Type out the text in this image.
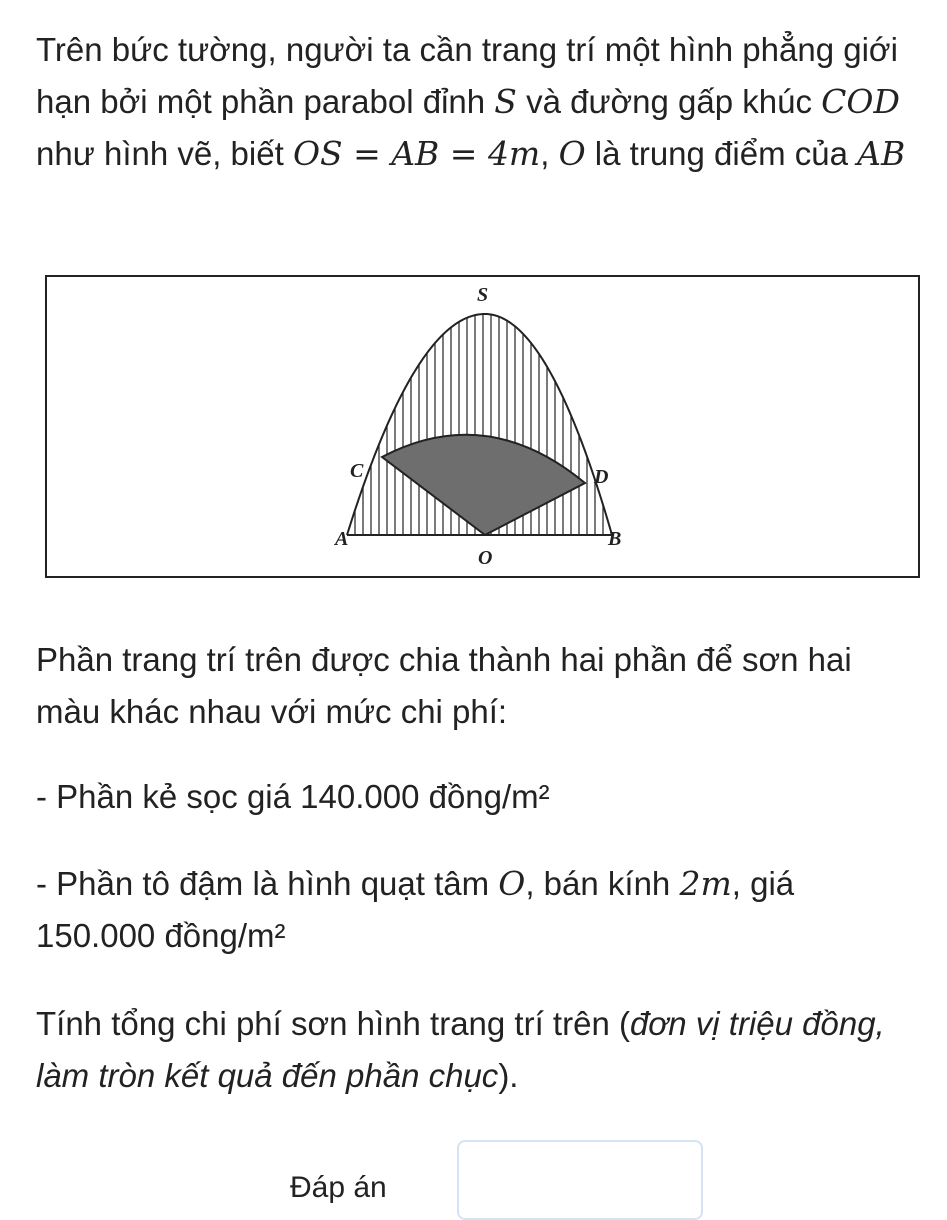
Trên bức tường, người ta cần trang trí một hình phẳng giới hạn bởi một phần parabol đỉnh S và đường gấp khúc COD như hình vẽ, biết OS = AB = 4m, O là trung điểm của AB

S
C	D
A
O
B

Phần trang trí trên được chia thành hai phần để sơn hai màu khác nhau với mức chi phí:

- Phần kẻ sọc giá 140.000 đồng/m²

- Phần tô đậm là hình quạt tâm O, bán kính 2m, giá 150.000 đồng/m²

Tính tổng chi phí sơn hình trang trí trên (đơn vị triệu đồng, làm tròn kết quả đến phần chục).

Đáp án
